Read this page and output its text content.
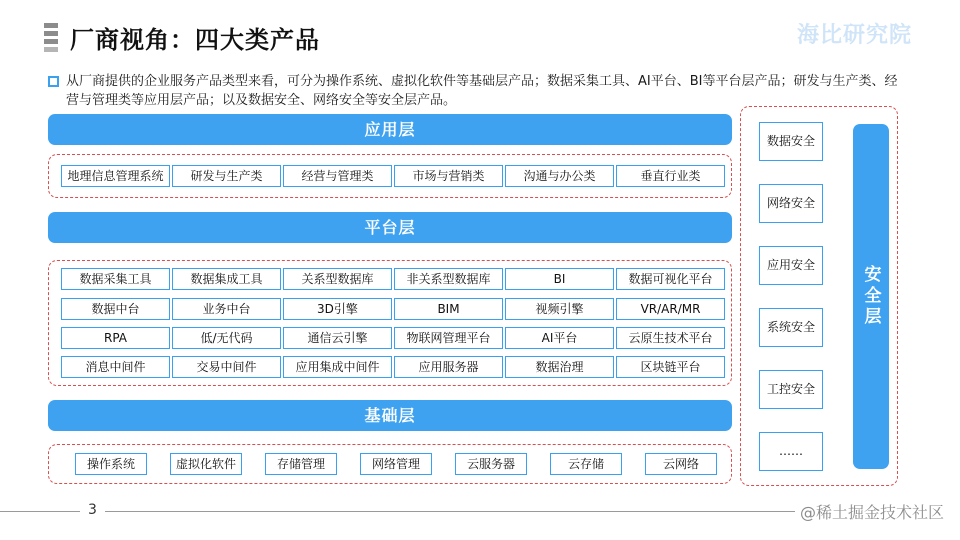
厂商视角：四大类产品	海比研究院
从厂商提供的企业服务产品类型来看，可分为操作系统、虚拟化软件等基础层产品；数据采集工具、AI平台、BI等平台层产品；研发与生产类、经营与管理类等应用层产品；以及数据安全、网络安全等安全层产品。
应用层
地理信息管理系统	研发与生产类	经营与管理类	市场与营销类	沟通与办公类	垂直行业类
平台层
数据采集工具	数据集成工具	关系型数据库	非关系型数据库	BI	数据可视化平台
数据中台	业务中台	3D引擎	BIM	视频引擎	VR/AR/MR
RPA	低/无代码	通信云引擎	物联网管理平台	AI平台	云原生技术平台
消息中间件	交易中间件	应用集成中间件	应用服务器	数据治理	区块链平台
基础层
操作系统	虚拟化软件	存储管理	网络管理	云服务器	云存储	云网络
数据安全
网络安全
应用安全
系统安全
工控安全
……
安全层
3	@稀土掘金技术社区
